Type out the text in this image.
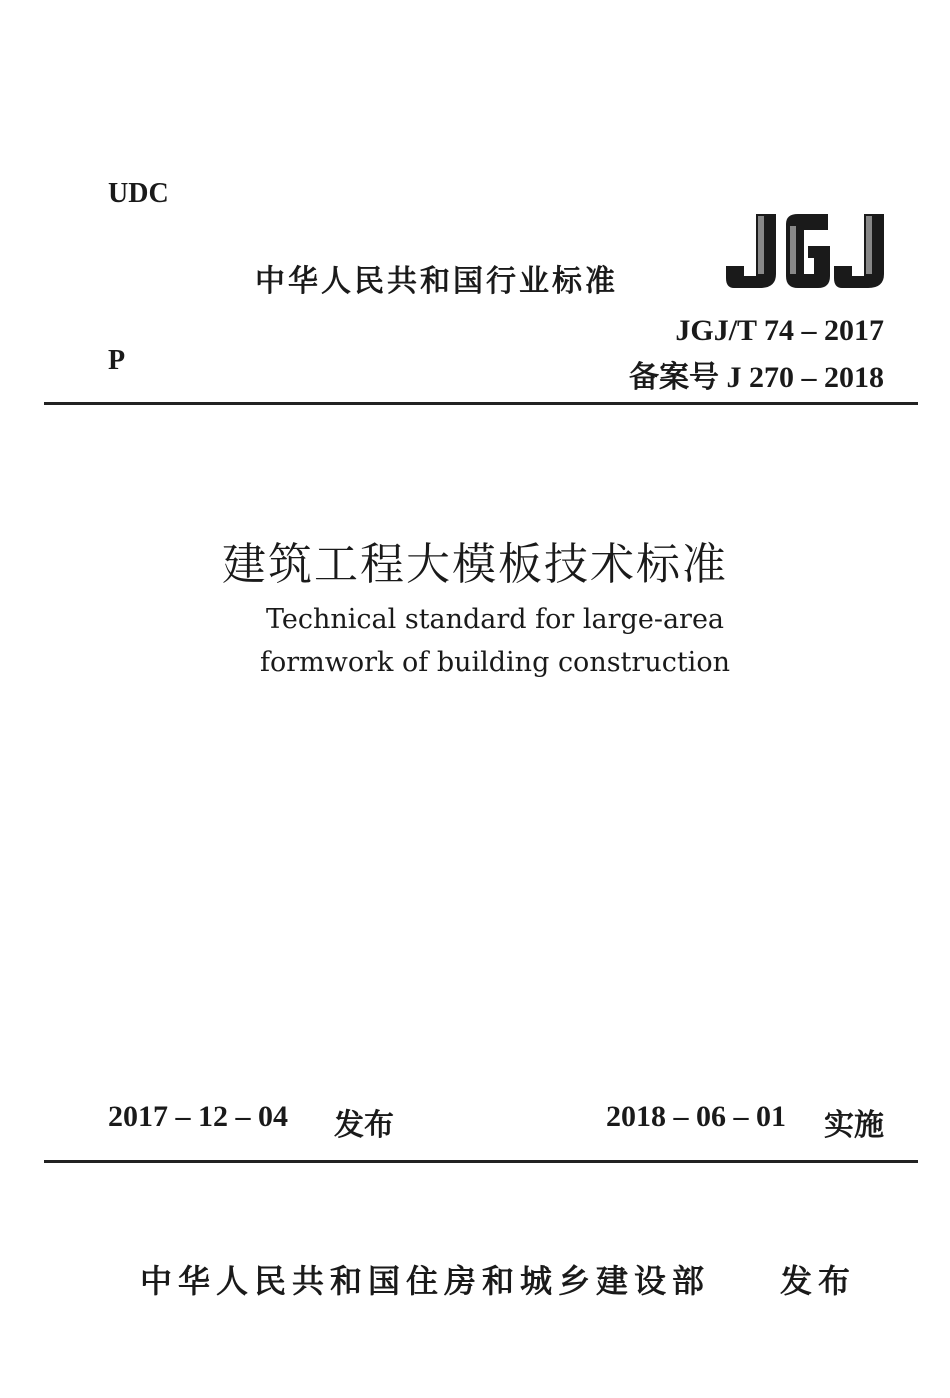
UDC
P
中华人民共和国行业标准
JGJ/T 74 – 2017
备案号 J 270 – 2018
建筑工程大模板技术标准
Technical standard for large-area
formwork of building construction
2017 – 12 – 04 发布	2018 – 06 – 01 实施
中华人民共和国住房和城乡建设部 发布
